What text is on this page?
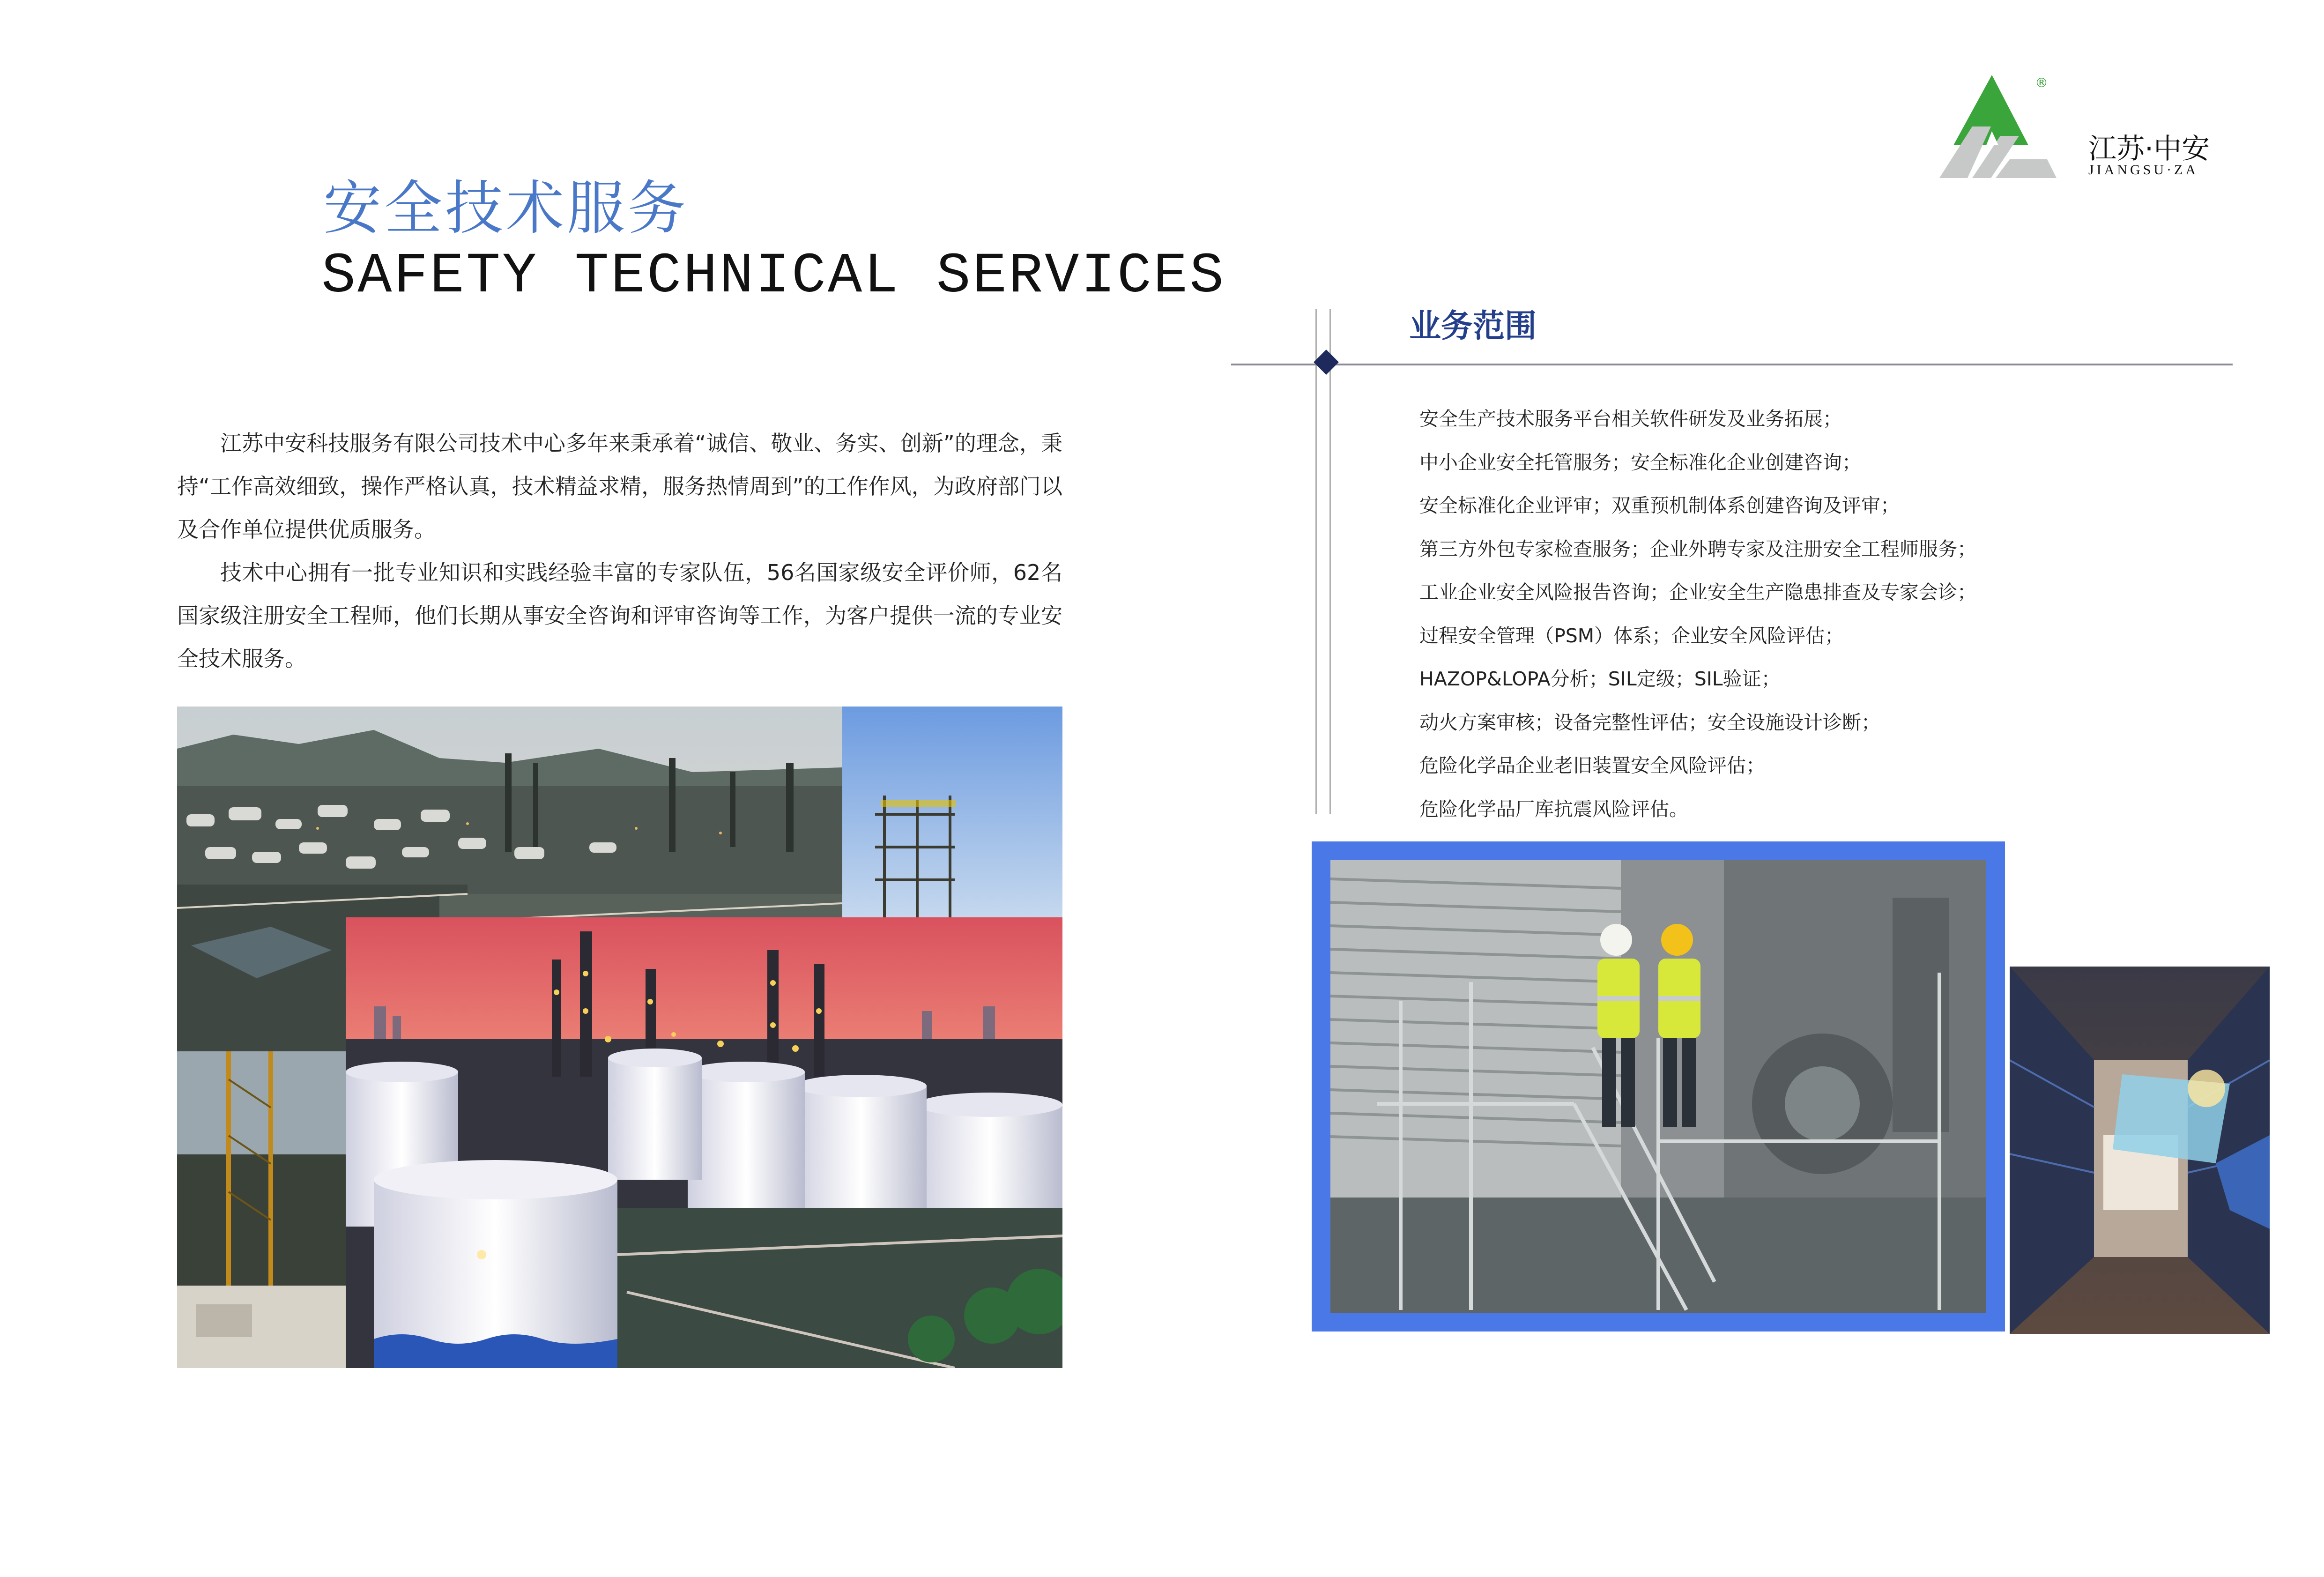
安全技术服务
SAFETY TECHNICAL SERVICES

江苏中安科技服务有限公司技术中心多年来秉承着“诚信、敬业、务实、创新”的理念，秉持“工作高效细致，操作严格认真，技术精益求精，服务热情周到”的工作作风，为政府部门以及合作单位提供优质服务。

技术中心拥有一批专业知识和实践经验丰富的专家队伍，56名国家级安全评价师，62名国家级注册安全工程师，他们长期从事安全咨询和评审咨询等工作，为客户提供一流的专业安全技术服务。

®
江苏·中安
JIANGSU·ZA
业务范围
安全生产技术服务平台相关软件研发及业务拓展；
中小企业安全托管服务；安全标准化企业创建咨询；
安全标准化企业评审；双重预机制体系创建咨询及评审；
第三方外包专家检查服务；企业外聘专家及注册安全工程师服务；
工业企业安全风险报告咨询；企业安全生产隐患排查及专家会诊；
过程安全管理（PSM）体系；企业安全风险评估；
HAZOP&LOPA分析；SIL定级；SIL验证；
动火方案审核；设备完整性评估；安全设施设计诊断；
危险化学品企业老旧装置安全风险评估；
危险化学品厂库抗震风险评估。
